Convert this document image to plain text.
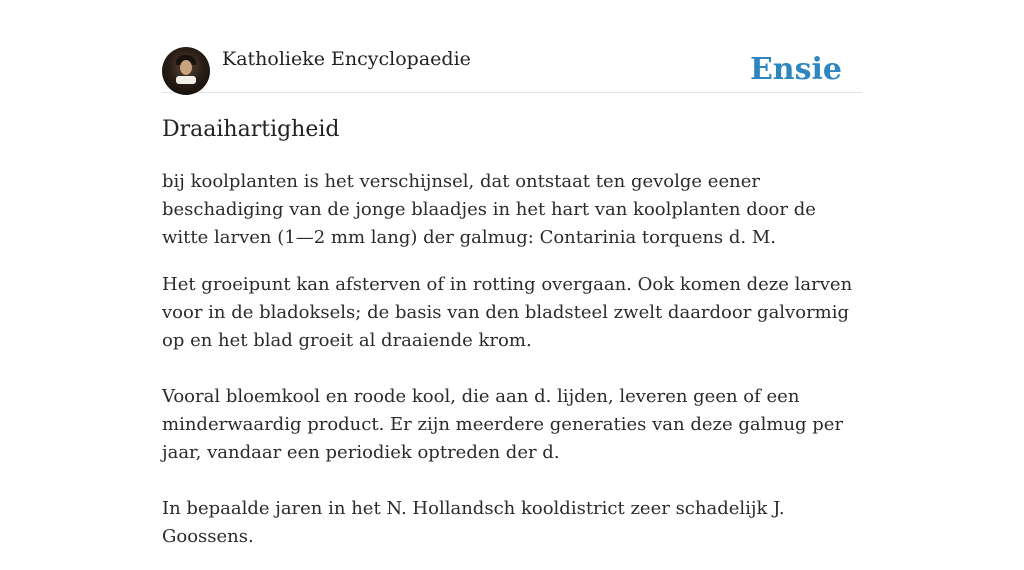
Katholieke Encyclopaedie	Ensie
Draaihartigheid

bij koolplanten is het verschijnsel, dat ontstaat ten gevolge eener beschadiging van de jonge blaadjes in het hart van koolplanten door de witte larven (1—2 mm lang) der galmug: Contarinia torquens d. M.

Het groeipunt kan afsterven of in rotting overgaan. Ook komen deze larven voor in de bladoksels; de basis van den bladsteel zwelt daardoor galvormig op en het blad groeit al draaiende krom.

Vooral bloemkool en roode kool, die aan d. lijden, leveren geen of een minderwaardig product. Er zijn meerdere generaties van deze galmug per jaar, vandaar een periodiek optreden der d.

In bepaalde jaren in het N. Hollandsch kooldistrict zeer schadelijk J. Goossens.
